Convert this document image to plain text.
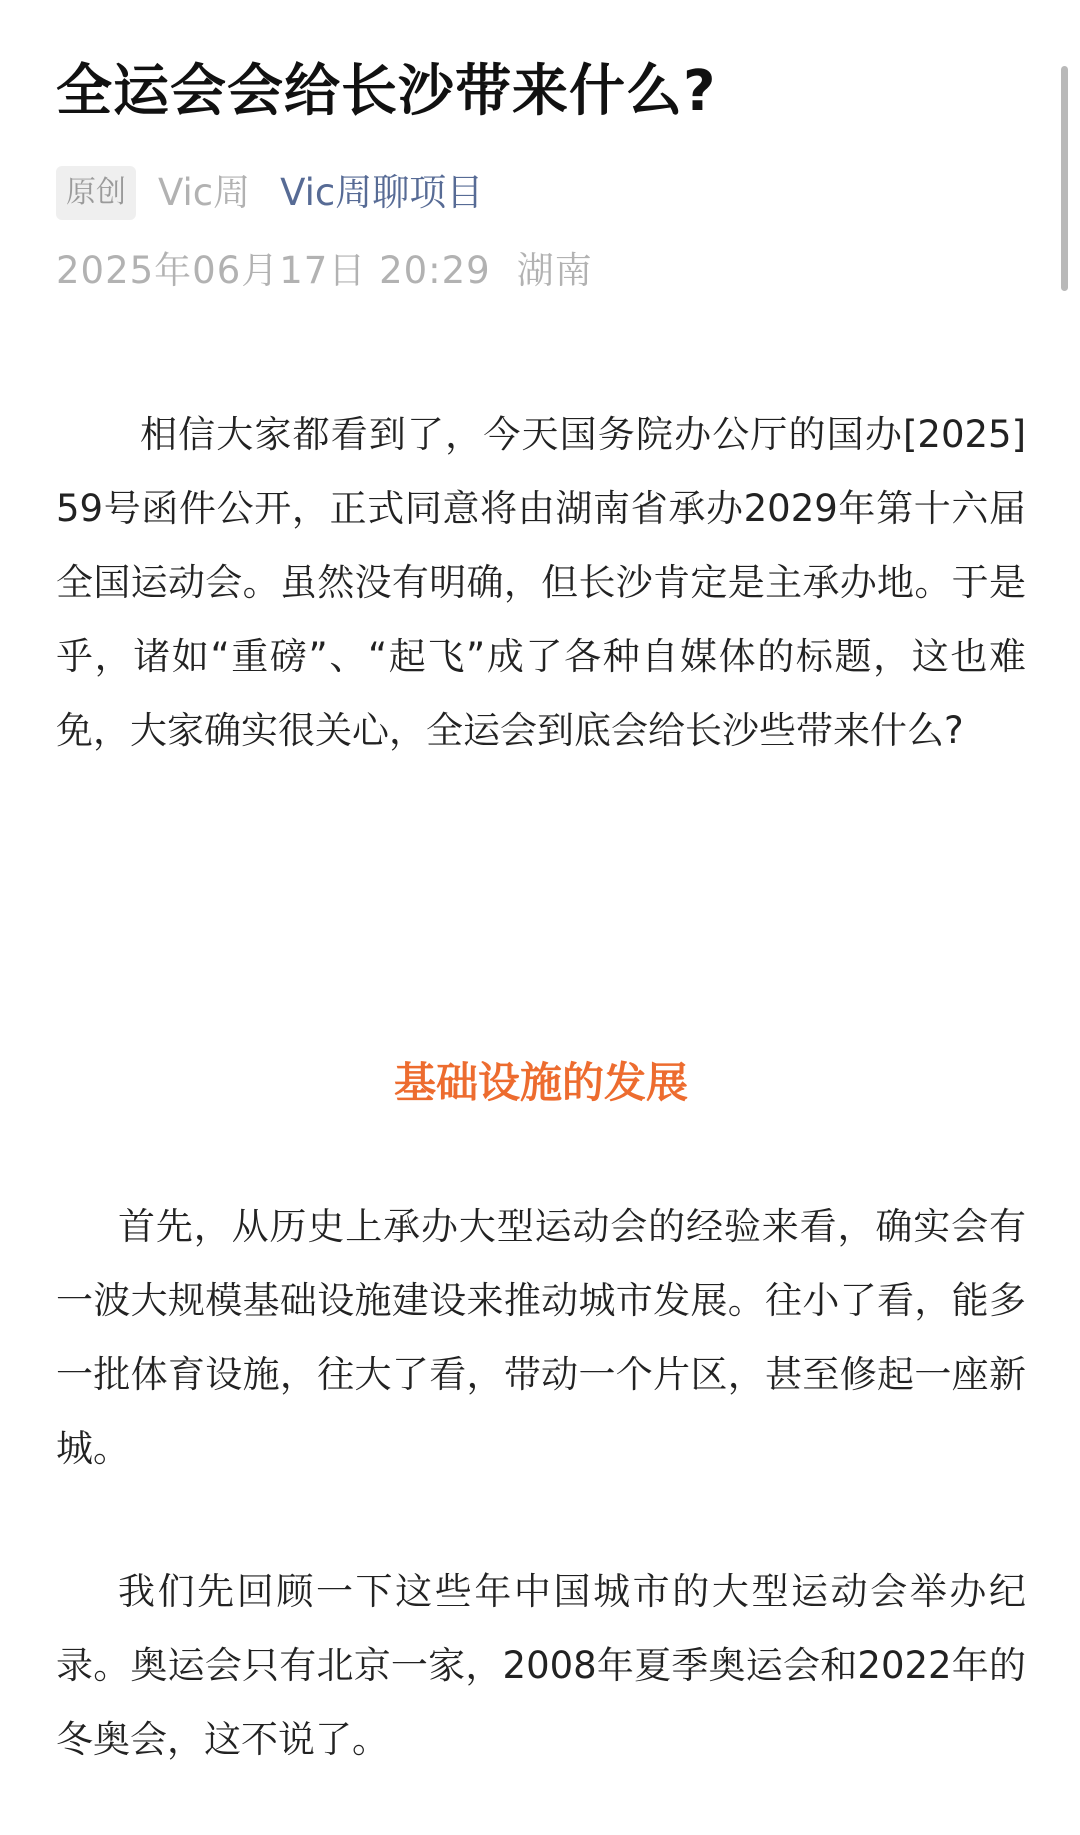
全运会会给长沙带来什么?
原创 Vic周 Vic周聊项目
2025年06月17日 20:29 湖南

相信大家都看到了，今天国务院办公厅的国办[2025]59号函件公开，正式同意将由湖南省承办2029年第十六届全国运动会。虽然没有明确，但长沙肯定是主承办地。于是乎，诸如“重磅”、“起飞”成了各种自媒体的标题，这也难免，大家确实很关心，全运会到底会给长沙些带来什么?

基础设施的发展

首先，从历史上承办大型运动会的经验来看，确实会有一波大规模基础设施建设来推动城市发展。往小了看，能多一批体育设施，往大了看，带动一个片区，甚至修起一座新城。

我们先回顾一下这些年中国城市的大型运动会举办纪录。奥运会只有北京一家，2008年夏季奥运会和2022年的冬奥会，这不说了。
